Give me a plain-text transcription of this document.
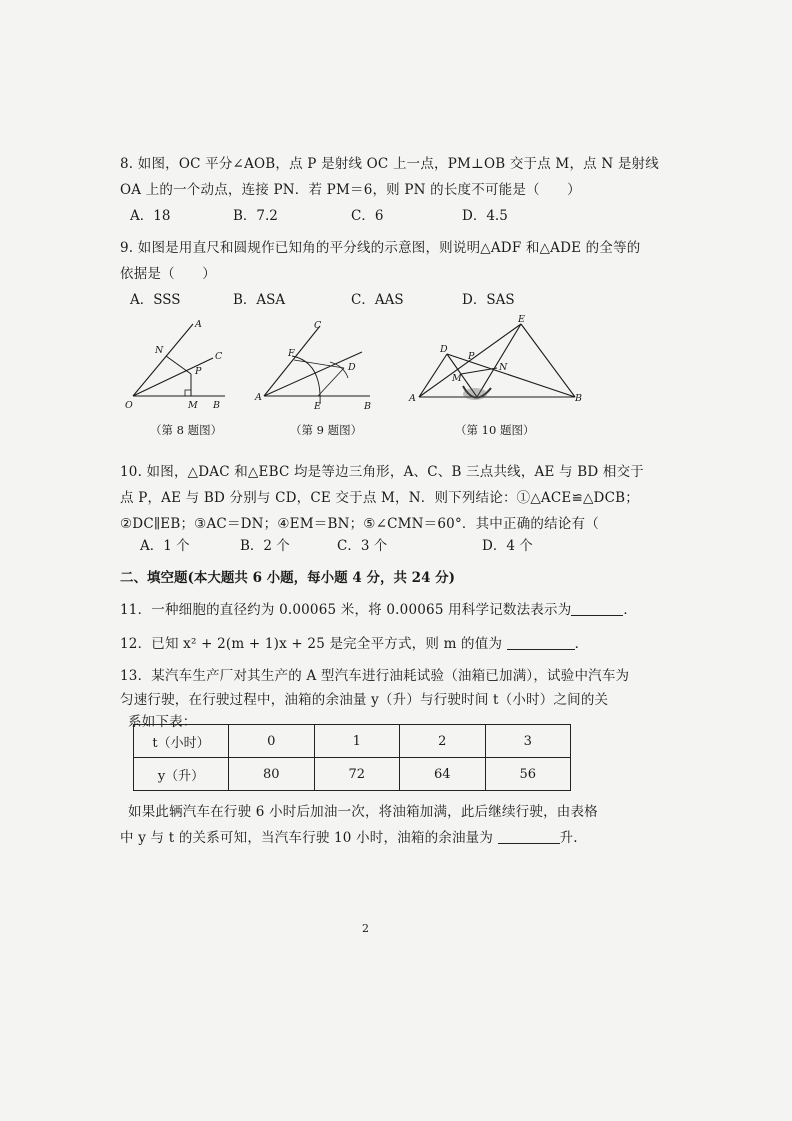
8. 如图，OC 平分∠AOB，点 P 是射线 OC 上一点，PM⊥OB 交于点 M，点 N 是射线
OA 上的一个动点，连接 PN．若 PM＝6，则 PN 的长度不可能是（　　）
A．18	B．7.2	C．6	D．4.5
9. 如图是用直尺和圆规作已知角的平分线的示意图，则说明△ADF 和△ADE 的全等的
依据是（　　）
A．SSS	B．ASA	C．AAS	D．SAS
A
N
C
P
O	M B
（第 8 题图）
C
F
D
A
E	B
（第 9 题图）
E
D
P
N
M
A	B
（第 10 题图）
10. 如图，△DAC 和△EBC 均是等边三角形，A、C、B 三点共线，AE 与 BD 相交于
点 P，AE 与 BD 分别与 CD，CE 交于点 M，N．则下列结论：①△ACE≌△DCB；
②DC∥EB；③AC＝DN；④EM＝BN；⑤∠CMN＝60°．其中正确的结论有（
A．1 个	B．2 个	C．3 个	D．4 个
二、填空题(本大题共 6 小题，每小题 4 分，共 24 分)
11．一种细胞的直径约为 0.00065 米，将 0.00065 用科学记数法表示为	．
12．已知 x² + 2(m + 1)x + 25 是完全平方式，则 m 的值为	．
13．某汽车生产厂对其生产的 A 型汽车进行油耗试验（油箱已加满），试验中汽车为
匀速行驶，在行驶过程中，油箱的余油量 y（升）与行驶时间 t（小时）之间的关
系如下表：
t（小时）	0	1	2	3
y（升）	80	72	64	56
如果此辆汽车在行驶 6 小时后加油一次，将油箱加满，此后继续行驶，由表格
中 y 与 t 的关系可知，当汽车行驶 10 小时，油箱的余油量为	升.
2
